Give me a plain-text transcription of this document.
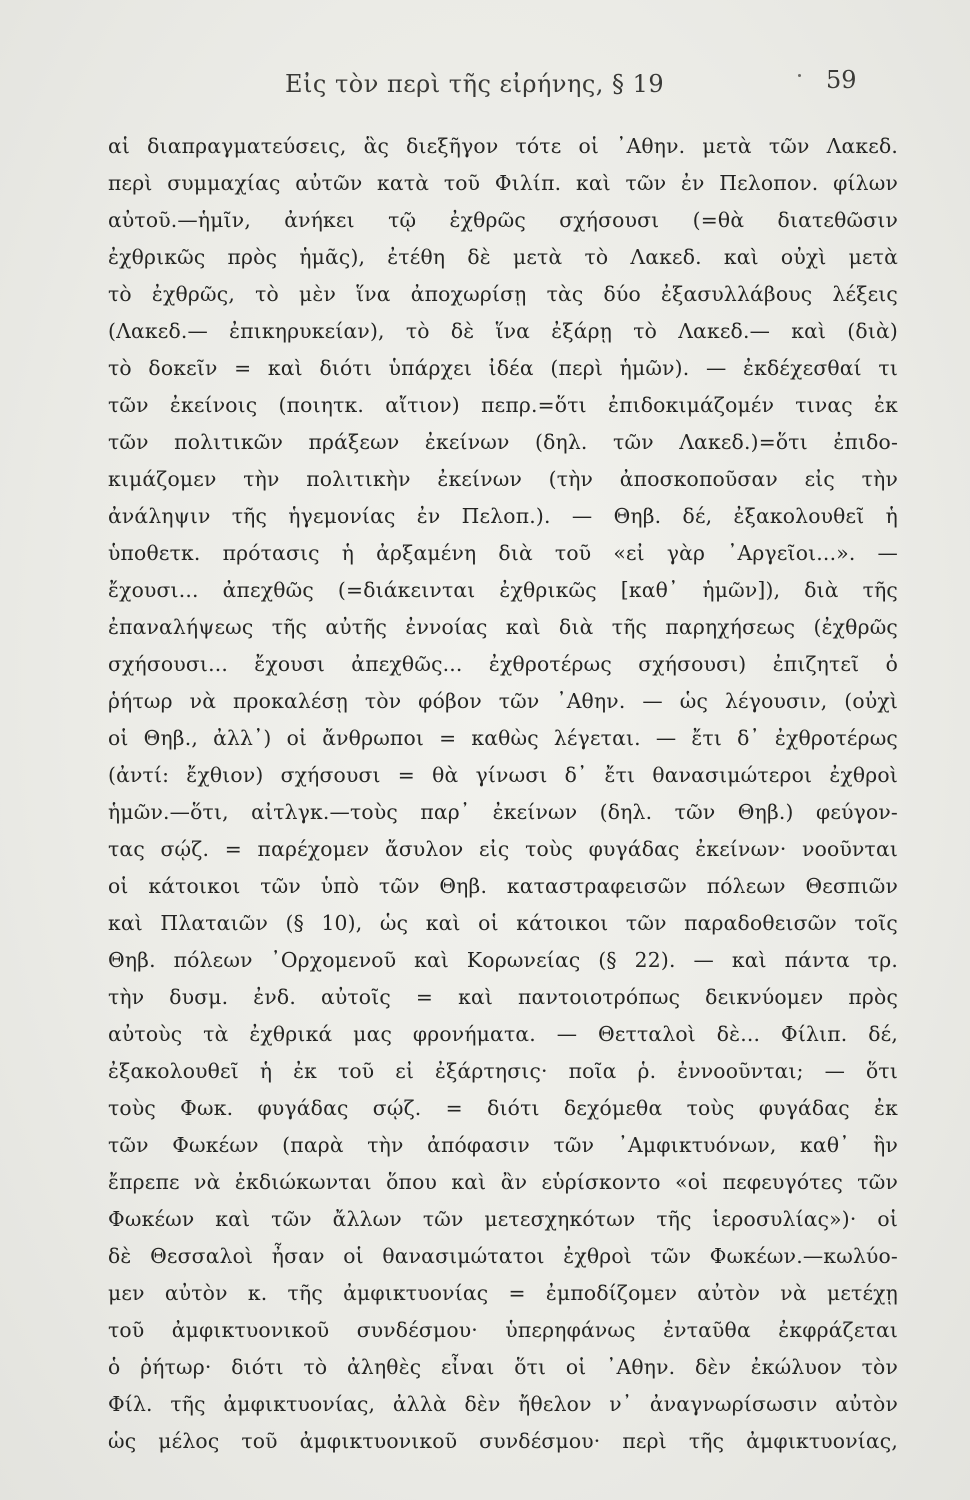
Εἰς τὸν περὶ τῆς εἰρήνης, § 19	59
αἱ διαπραγματεύσεις, ἃς διεξῆγον τότε οἱ ᾽Αθην. μετὰ τῶν Λακεδ.
περὶ συμμαχίας αὐτῶν κατὰ τοῦ Φιλίπ. καὶ τῶν ἐν Πελοπον. φίλων
αὐτοῦ.—ἡμῖν, ἀνήκει τῷ ἐχθρῶς σχήσουσι (=θὰ διατεθῶσιν
ἐχθρικῶς πρὸς ἡμᾶς), ἐτέθη δὲ μετὰ τὸ Λακεδ. καὶ οὐχὶ μετὰ
τὸ ἐχθρῶς, τὸ μὲν ἵνα ἀποχωρίσῃ τὰς δύο ἐξασυλλάβους λέξεις
(Λακεδ.— ἐπικηρυκείαν), τὸ δὲ ἵνα ἐξάρῃ τὸ Λακεδ.— καὶ (διὰ)
τὸ δοκεῖν = καὶ διότι ὑπάρχει ἰδέα (περὶ ἡμῶν). — ἐκδέχεσθαί τι
τῶν ἐκείνοις (ποιητκ. αἴτιον) πεπρ.=ὅτι ἐπιδοκιμάζομέν τινας ἐκ
τῶν πολιτικῶν πράξεων ἐκείνων (δηλ. τῶν Λακεδ.)=ὅτι ἐπιδο-
κιμάζομεν τὴν πολιτικὴν ἐκείνων (τὴν ἀποσκοποῦσαν εἰς τὴν
ἀνάληψιν τῆς ἡγεμονίας ἐν Πελοπ.). — Θηβ. δέ, ἐξακολουθεῖ ἡ
ὑποθετκ. πρότασις ἡ ἀρξαμένη διὰ τοῦ «εἰ γὰρ ᾽Αργεῖοι...». —
ἔχουσι... ἀπεχθῶς (=διάκεινται ἐχθρικῶς [καθ᾽ ἡμῶν]), διὰ τῆς
ἐπαναλήψεως τῆς αὐτῆς ἐννοίας καὶ διὰ τῆς παρηχήσεως (ἐχθρῶς
σχήσουσι... ἔχουσι ἀπεχθῶς... ἐχθροτέρως σχήσουσι) ἐπιζητεῖ ὁ
ῥήτωρ νὰ προκαλέσῃ τὸν φόβον τῶν ᾽Αθην. — ὡς λέγουσιν, (οὐχὶ
οἱ Θηβ., ἀλλ᾽) οἱ ἄνθρωποι = καθὼς λέγεται. — ἔτι δ᾽ ἐχθροτέρως
(ἀντί: ἔχθιον) σχήσουσι = θὰ γίνωσι δ᾽ ἔτι θανασιμώτεροι ἐχθροὶ
ἡμῶν.—ὅτι, αἰτλγκ.—τοὺς παρ᾽ ἐκείνων (δηλ. τῶν Θηβ.) φεύγον-
τας σῴζ. = παρέχομεν ἄσυλον εἰς τοὺς φυγάδας ἐκείνων· νοοῦνται
οἱ κάτοικοι τῶν ὑπὸ τῶν Θηβ. καταστραφεισῶν πόλεων Θεσπιῶν
καὶ Πλαταιῶν (§ 10), ὡς καὶ οἱ κάτοικοι τῶν παραδοθεισῶν τοῖς
Θηβ. πόλεων ᾽Ορχομενοῦ καὶ Κορωνείας (§ 22). — καὶ πάντα τρ.
τὴν δυσμ. ἐνδ. αὐτοῖς = καὶ παντοιοτρόπως δεικνύομεν πρὸς
αὐτοὺς τὰ ἐχθρικά μας φρονήματα. — Θετταλοὶ δὲ... Φίλιπ. δέ,
ἐξακολουθεῖ ἡ ἐκ τοῦ εἰ ἐξάρτησις· ποῖα ῥ. ἐννοοῦνται; — ὅτι
τοὺς Φωκ. φυγάδας σῴζ. = διότι δεχόμεθα τοὺς φυγάδας ἐκ
τῶν Φωκέων (παρὰ τὴν ἀπόφασιν τῶν ᾽Αμφικτυόνων, καθ᾽ ἣν
ἔπρεπε νὰ ἐκδιώκωνται ὅπου καὶ ἂν εὑρίσκοντο «οἱ πεφευγότες τῶν
Φωκέων καὶ τῶν ἄλλων τῶν μετεσχηκότων τῆς ἱεροσυλίας»)· οἱ
δὲ Θεσσαλοὶ ἦσαν οἱ θανασιμώτατοι ἐχθροὶ τῶν Φωκέων.—κωλύο-
μεν αὐτὸν κ. τῆς ἀμφικτυονίας = ἐμποδίζομεν αὐτὸν νὰ μετέχῃ
τοῦ ἀμφικτυονικοῦ συνδέσμου· ὑπερηφάνως ἐνταῦθα ἐκφράζεται
ὁ ῥήτωρ· διότι τὸ ἀληθὲς εἶναι ὅτι οἱ ᾽Αθην. δὲν ἐκώλυον τὸν
Φίλ. τῆς ἀμφικτυονίας, ἀλλὰ δὲν ἤθελον ν᾽ ἀναγνωρίσωσιν αὐτὸν
ὡς μέλος τοῦ ἀμφικτυονικοῦ συνδέσμου· περὶ τῆς ἀμφικτυονίας,
